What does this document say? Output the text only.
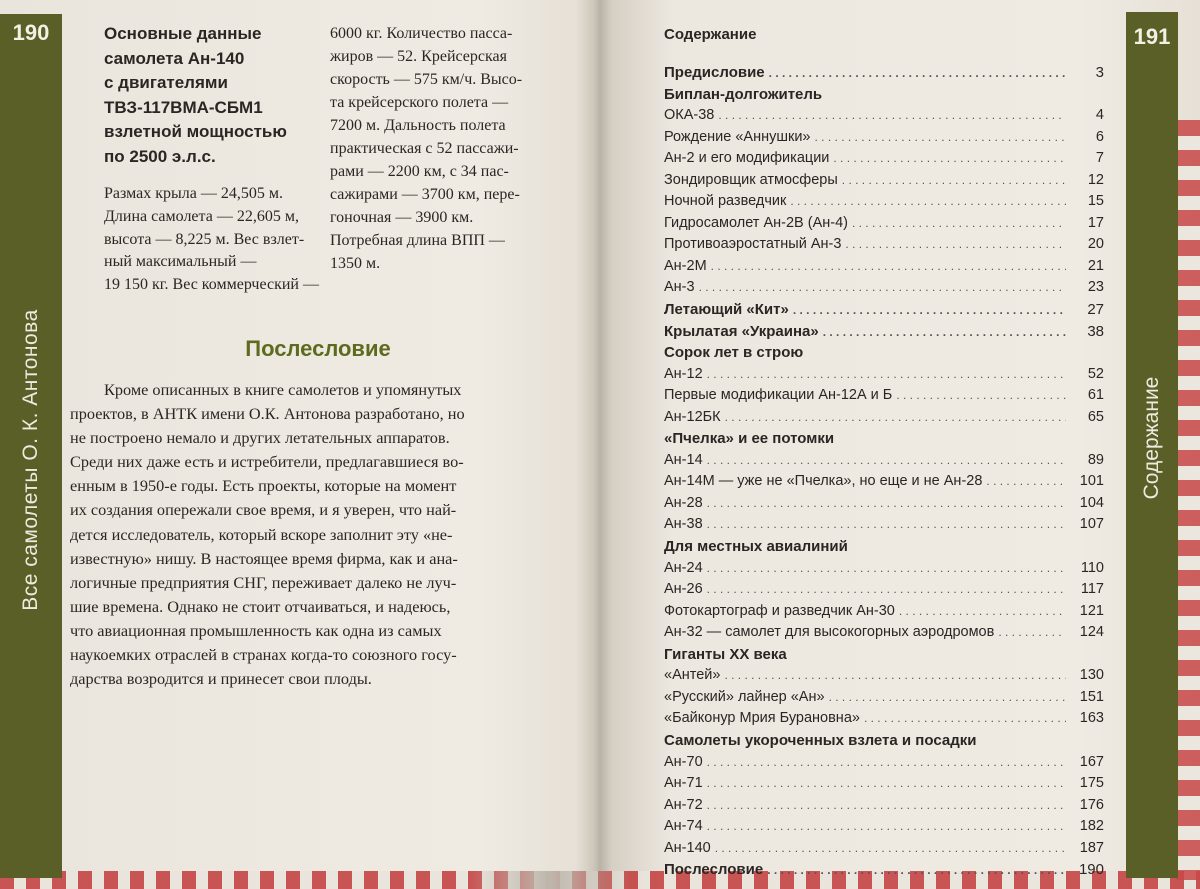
190
Все самолеты О. К. Антонова
Основные данные
самолета Ан-140
с двигателями
ТВЗ-117ВМА-СБМ1
взлетной мощностью
по 2500 э.л.с.
Размах крыла — 24,505 м.
Длина самолета — 22,605 м,
высота — 8,225 м. Вес взлет-
ный максимальный —
19 150 кг. Вес коммерческий —
6000 кг. Количество пасса-
жиров — 52. Крейсерская
скорость — 575 км/ч. Высо-
та крейсерского полета —
7200 м. Дальность полета
практическая с 52 пассажи-
рами — 2200 км, с 34 пас-
сажирами — 3700 км, пере-
гоночная — 3900 км.
Потребная длина ВПП —
1350 м.
Послесловие
Кроме описанных в книге самолетов и упомянутых
проектов, в АНТК имени О.К. Антонова разработано, но
не построено немало и других летательных аппаратов.
Среди них даже есть и истребители, предлагавшиеся во-
енным в 1950-е годы. Есть проекты, которые на момент
их создания опережали свое время, и я уверен, что най-
дется исследователь, который вскоре заполнит эту «не-
известную» нишу. В настоящее время фирма, как и ана-
логичные предприятия СНГ, переживает далеко не луч-
шие времена. Однако не стоит отчаиваться, и надеюсь,
что авиационная промышленность как одна из самых
наукоемких отраслей в странах когда-то союзного госу-
дарства возродится и принесет свои плоды.
Содержание
Предисловие . . .	3
Биплан-долгожитель
ОКА-38 . . .	4
Рождение «Аннушки» . . .	6
Ан-2 и его модификации . . .	7
Зондировщик атмосферы . . .	12
Ночной разведчик . . .	15
Гидросамолет Ан-2В (Ан-4) . . .	17
Противоаэростатный Ан-3 . . .	20
Ан-2М . . .	21
Ан-3 . . .	23
Летающий «Кит» . . .	27
Крылатая «Украина» . . .	38
Сорок лет в строю
Ан-12 . . .	52
Первые модификации Ан-12А и Б . . .	61
Ан-12БК . . .	65
«Пчелка» и ее потомки
Ан-14 . . .	89
Ан-14М — уже не «Пчелка», но еще и не Ан-28 . . .	101
Ан-28 . . .	104
Ан-38 . . .	107
Для местных авиалиний
Ан-24 . . .	110
Ан-26 . . .	117
Фотокартограф и разведчик Ан-30 . . .	121
Ан-32 — самолет для высокогорных аэродромов . . .	124
Гиганты XX века
«Антей» . . .	130
«Русский» лайнер «Ан» . . .	151
«Байконур Мрия Бурановна» . . .	163
Самолеты укороченных взлета и посадки
Ан-70 . . .	167
Ан-71 . . .	175
Ан-72 . . .	176
Ан-74 . . .	182
Ан-140 . . .	187
Послесловие . . .	190
191
Содержание
